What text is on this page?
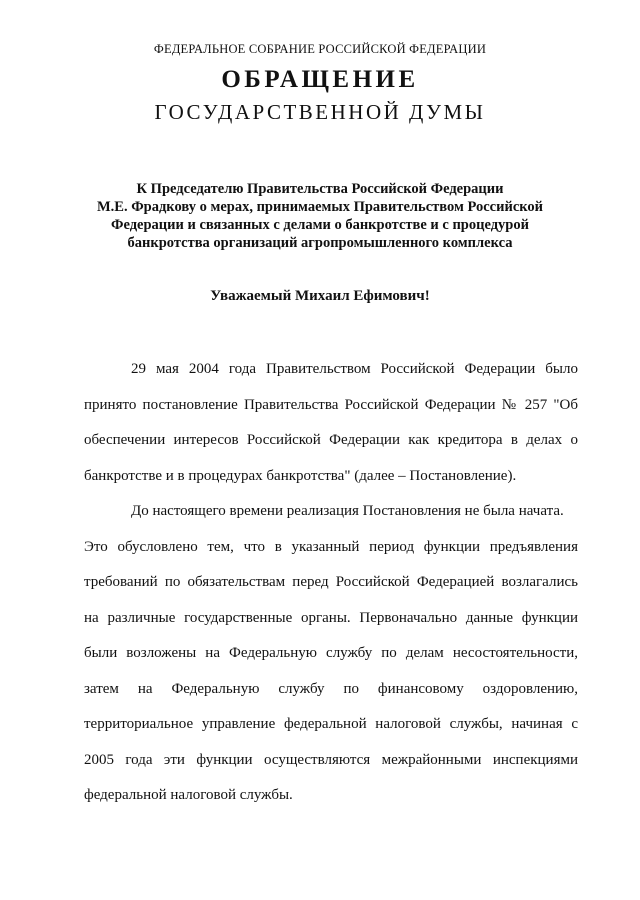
ФЕДЕРАЛЬНОЕ СОБРАНИЕ РОССИЙСКОЙ ФЕДЕРАЦИИ
ОБРАЩЕНИЕ
ГОСУДАРСТВЕННОЙ ДУМЫ
К Председателю Правительства Российской Федерации
М.Е. Фрадкову о мерах, принимаемых Правительством Российской
Федерации и связанных с делами о банкротстве и с процедурой
банкротства организаций агропромышленного комплекса
Уважаемый Михаил Ефимович!
29 мая 2004 года Правительством Российской Федерации было
принято постановление Правительства Российской Федерации № 257 "Об
обеспечении интересов Российской Федерации как кредитора в делах о
банкротстве и в процедурах банкротства" (далее – Постановление).
До настоящего времени реализация Постановления не была начата.
Это обусловлено тем, что в указанный период функции предъявления
требований по обязательствам перед Российской Федерацией возлагались
на различные государственные органы. Первоначально данные функции
были возложены на Федеральную службу по делам несостоятельности,
затем на Федеральную службу по финансовому оздоровлению,
территориальное управление федеральной налоговой службы, начиная с
2005 года эти функции осуществляются межрайонными инспекциями
федеральной налоговой службы.
